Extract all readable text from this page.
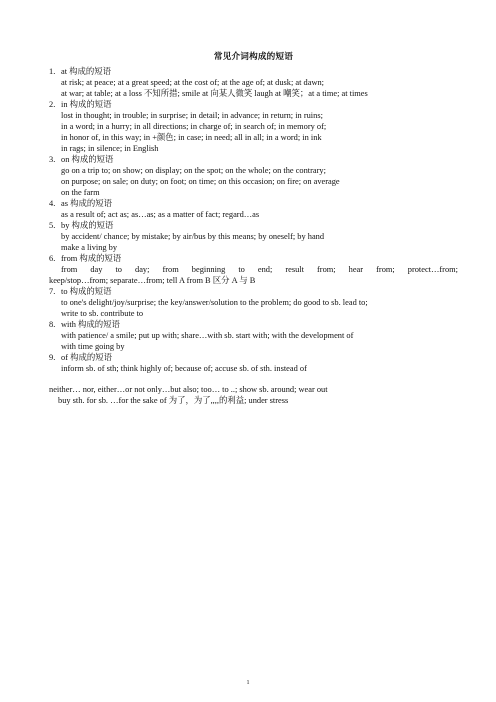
常见介词构成的短语
1. at 构成的短语
at risk; at peace; at a great speed; at the cost of; at the age of; at dusk; at dawn;
at war; at table; at a loss 不知所措; smile at 向某人微笑 laugh at 嘲笑；at a time; at times
2. in 构成的短语
lost in thought; in trouble; in surprise; in detail; in advance; in return; in ruins;
in a word; in a hurry; in all directions; in charge of; in search of; in memory of;
in honor of, in this way; in +颜色; in case; in need; all in all; in a word; in ink
in rags; in silence; in English
3. on 构成的短语
go on a trip to; on show; on display; on the spot; on the whole; on the contrary;
on purpose; on sale; on duty; on foot; on time; on this occasion; on fire; on average
on the farm
4. as 构成的短语
as a result of; act as; as…as; as a matter of fact; regard…as
5. by 构成的短语
by accident/ chance; by mistake; by air/bus by this means; by oneself; by hand
make a living by
6. from 构成的短语
from day to day; from beginning to end; result from; hear from; protect…from;
keep/stop…from; separate…from; tell A from B 区分 A 与 B
7. to 构成的短语
to one's delight/joy/surprise; the key/answer/solution to the problem; do good to sb. lead to;
write to sb. contribute to
8. with 构成的短语
with patience/ a smile; put up with; share…with sb. start with; with the development of
with time going by
9. of 构成的短语
inform sb. of sth; think highly of; because of; accuse sb. of sth. instead of
neither… nor, either…or not only…but also; too… to ..; show sb. around; wear out
buy sth. for sb. …for the sake of 为了，为了,,,,的利益; under stress
1
